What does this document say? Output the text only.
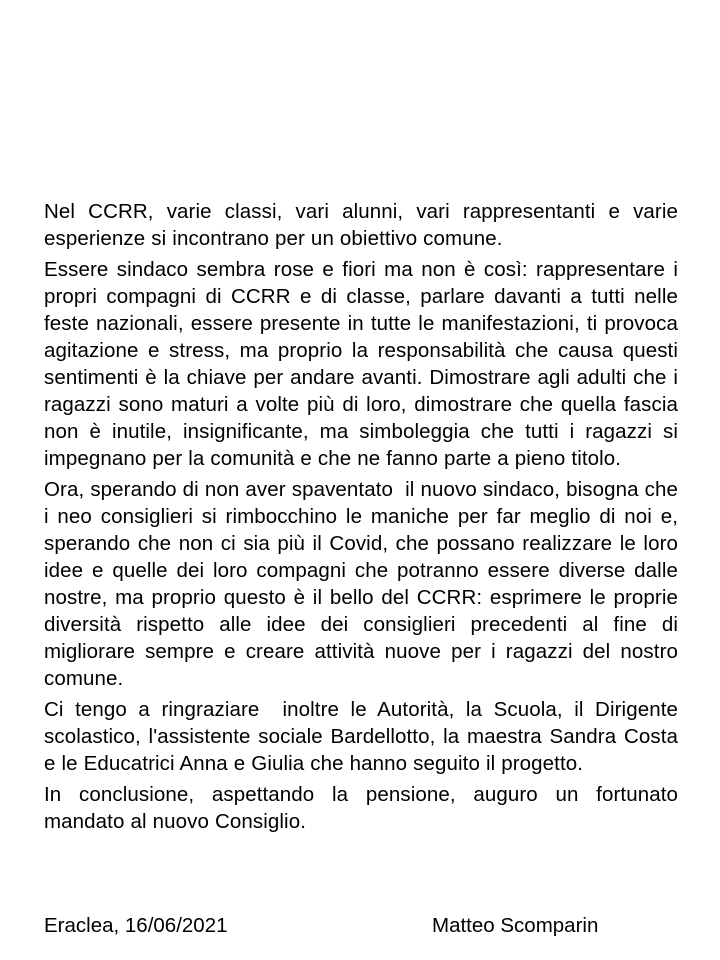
Nel CCRR, varie classi, vari alunni, vari rappresentanti e varie esperienze si incontrano per un obiettivo comune.

Essere sindaco sembra rose e fiori ma non è così: rappresentare i propri compagni di CCRR e di classe, parlare davanti a tutti nelle feste nazionali, essere presente in tutte le manifestazioni, ti provoca agitazione e stress, ma proprio la responsabilità che causa questi sentimenti è la chiave per andare avanti. Dimostrare agli adulti che i ragazzi sono maturi a volte più di loro, dimostrare che quella fascia non è inutile, insignificante, ma simboleggia che tutti i ragazzi si impegnano per la comunità e che ne fanno parte a pieno titolo.

Ora, sperando di non aver spaventato  il nuovo sindaco, bisogna che i neo consiglieri si rimbocchino le maniche per far meglio di noi e, sperando che non ci sia più il Covid, che possano realizzare le loro idee e quelle dei loro compagni che potranno essere diverse dalle  nostre, ma proprio questo è il bello del CCRR: esprimere le proprie  diversità rispetto alle idee dei consiglieri precedenti al fine di migliorare sempre e creare attività nuove per i ragazzi del nostro comune.

Ci tengo a ringraziare  inoltre le Autorità, la Scuola, il Dirigente scolastico, l'assistente sociale Bardellotto, la maestra Sandra Costa e le Educatrici Anna e Giulia che hanno seguito il progetto.

In conclusione, aspettando la pensione, auguro un fortunato mandato al nuovo Consiglio.

Eraclea, 16/06/2021	Matteo Scomparin
